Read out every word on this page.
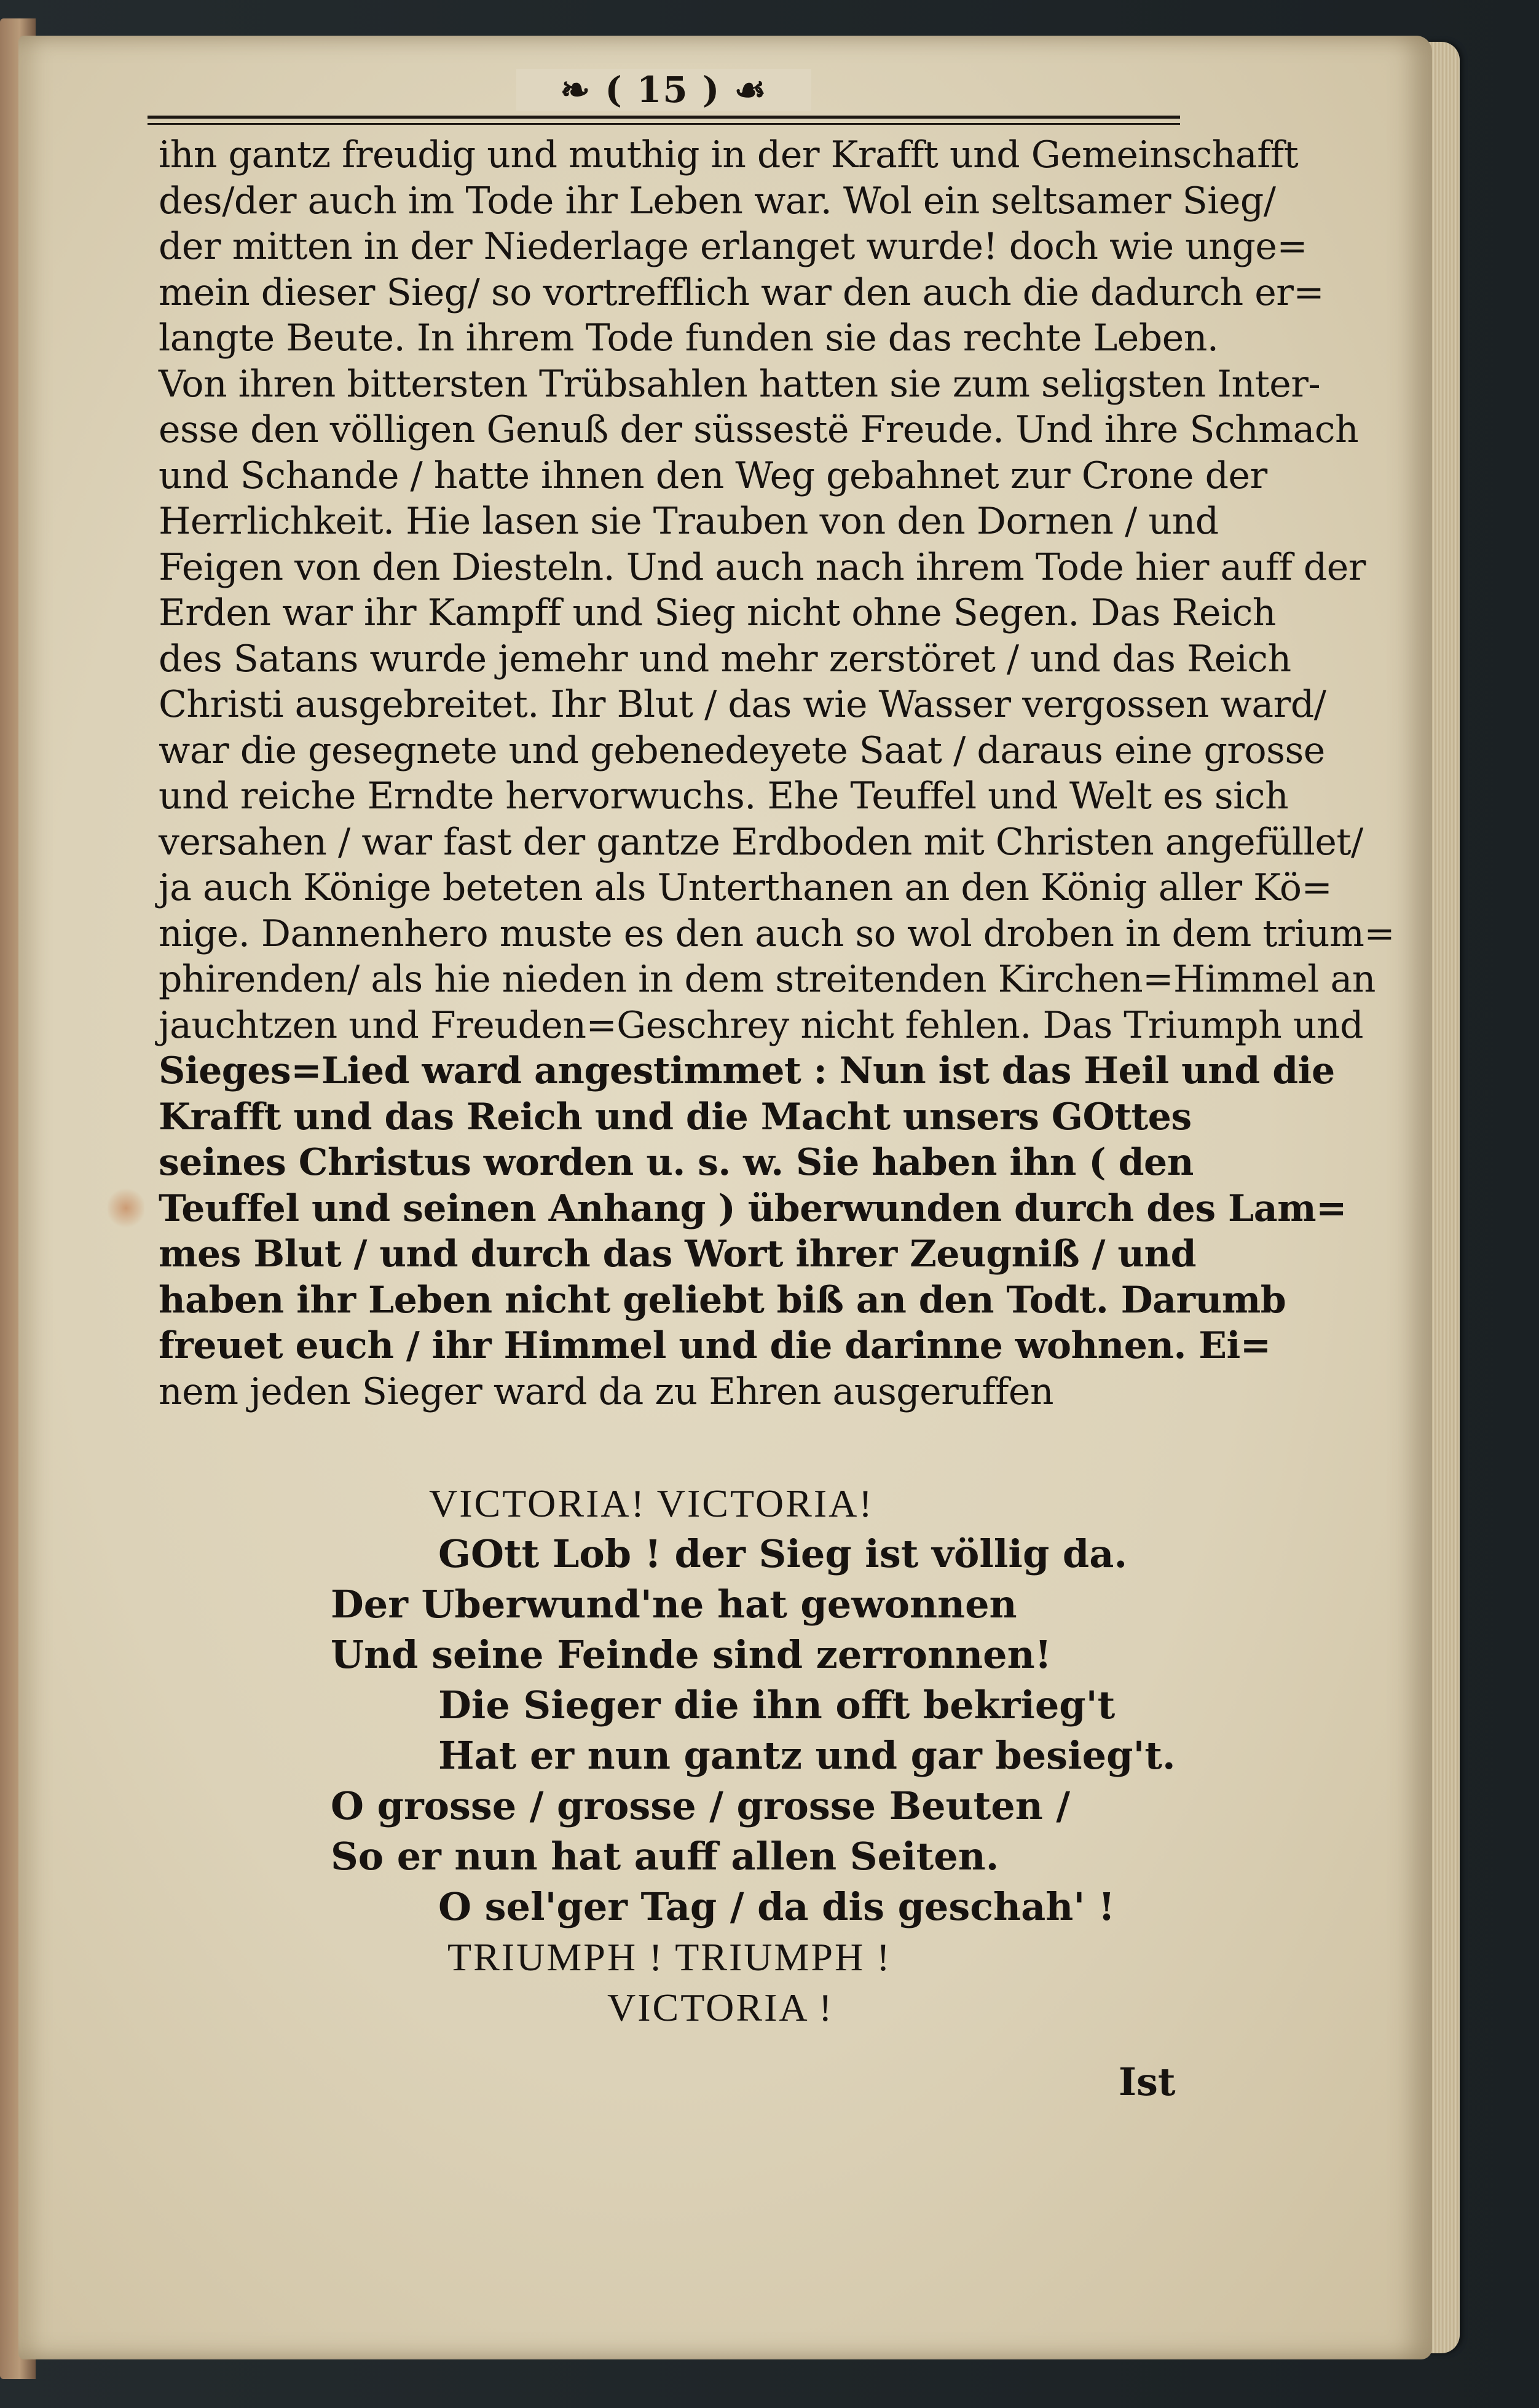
❧ ( 15 ) ☙
ihn gantz freudig und muthig in der Krafft und Gemeinschafft
des/der auch im Tode ihr Leben war. Wol ein seltsamer Sieg/
der mitten in der Niederlage erlanget wurde! doch wie unge=
mein dieser Sieg/ so vortrefflich war den auch die dadurch er=
langte Beute. In ihrem Tode funden sie das rechte Leben.
Von ihren bittersten Trübsahlen hatten sie zum seligsten Inter-
esse den völligen Genuß der süssestë Freude. Und ihre Schmach
und Schande / hatte ihnen den Weg gebahnet zur Crone der
Herrlichkeit. Hie lasen sie Trauben von den Dornen / und
Feigen von den Diesteln. Und auch nach ihrem Tode hier auff der
Erden war ihr Kampff und Sieg nicht ohne Segen. Das Reich
des Satans wurde jemehr und mehr zerstöret / und das Reich
Christi ausgebreitet. Ihr Blut / das wie Wasser vergossen ward/
war die gesegnete und gebenedeyete Saat / daraus eine grosse
und reiche Erndte hervorwuchs. Ehe Teuffel und Welt es sich
versahen / war fast der gantze Erdboden mit Christen angefüllet/
ja auch Könige beteten als Unterthanen an den König aller Kö=
nige. Dannenhero muste es den auch so wol droben in dem trium=
phirenden/ als hie nieden in dem streitenden Kirchen=Himmel an
jauchtzen und Freuden=Geschrey nicht fehlen. Das Triumph und
Sieges=Lied ward angestimmet : Nun ist das Heil und die
Krafft und das Reich und die Macht unsers GOttes
seines Christus worden u. s. w. Sie haben ihn ( den
Teuffel und seinen Anhang ) überwunden durch des Lam=
mes Blut / und durch das Wort ihrer Zeugniß / und
haben ihr Leben nicht geliebt biß an den Todt. Darumb
freuet euch / ihr Himmel und die darinne wohnen. Ei=
nem jeden Sieger ward da zu Ehren ausgeruffen
VICTORIA! VICTORIA!
GOtt Lob ! der Sieg ist völlig da.
Der Uberwund'ne hat gewonnen
Und seine Feinde sind zerronnen!
Die Sieger die ihn offt bekrieg't
Hat er nun gantz und gar besieg't.
O grosse / grosse / grosse Beuten /
So er nun hat auff allen Seiten.
O sel'ger Tag / da dis geschah' !
TRIUMPH ! TRIUMPH !
VICTORIA !
Ist
